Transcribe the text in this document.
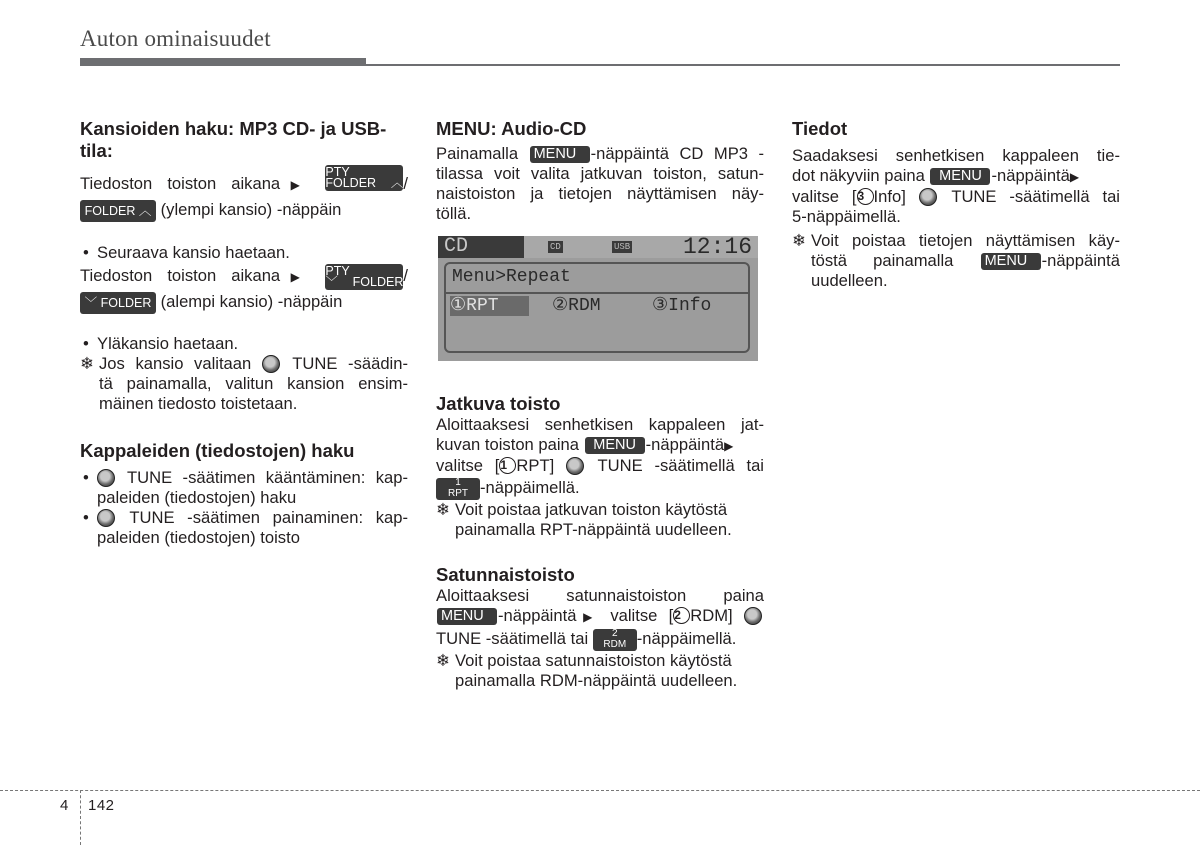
Auton ominaisuudet
Kansioiden haku: MP3 CD- ja USB-tila:

Tiedoston toiston aikana▶
PTY
FOLDER ︿ /

FOLDER ︿ (ylempi kansio) -näppäin

• Seuraava kansio haetaan.

Tiedoston toiston aikana▶ PTY
﹀ FOLDER /

﹀ FOLDER (alempi kansio) -näppäin

• Yläkansio haetaan.

❄ Jos kansio valitaan TUNE -säädin-

tä painamalla, valitun kansion ensim-

mäinen tiedosto toistetaan.

Kappaleiden (tiedostojen) haku

• TUNE -säätimen kääntäminen: kap-

paleiden (tiedostojen) haku

• TUNE -säätimen painaminen: kap-

paleiden (tiedostojen) toisto

MENU: Audio-CD

Painamalla MENU -näppäintä CD MP3 -

tilassa voit valita jatkuvan toiston, satun-

naistoiston ja tietojen näyttämisen näy-

töllä.

CD	CD	USB 12:16
Menu>Repeat
①RPT	②RDM	③Info
Jatkuva toisto

Aloittaaksesi senhetkisen kappaleen jat-

kuvan toiston paina MENU -näppäintä▶

valitse [1 RPT]	TUNE -säätimellä tai

1
RPT -näppäimellä.

❄ Voit poistaa jatkuvan toiston käytöstä

painamalla RPT-näppäintä uudelleen.

Satunnaistoisto

Aloittaaksesi satunnaistoiston paina

MENU -näppäintä▶ valitse [2 RDM]

TUNE -säätimellä tai	2
RDM -näppäimellä.

❄ Voit poistaa satunnaistoiston käytöstä

painamalla RDM-näppäintä uudelleen.

Tiedot

Saadaksesi senhetkisen kappaleen tie-

dot näkyviin paina MENU -näppäintä▶

valitse [3 Info]	TUNE -säätimellä tai

5-näppäimellä.

❄ Voit poistaa tietojen näyttämisen käy-

töstä painamalla MENU -näppäintä

uudelleen.

4 142
